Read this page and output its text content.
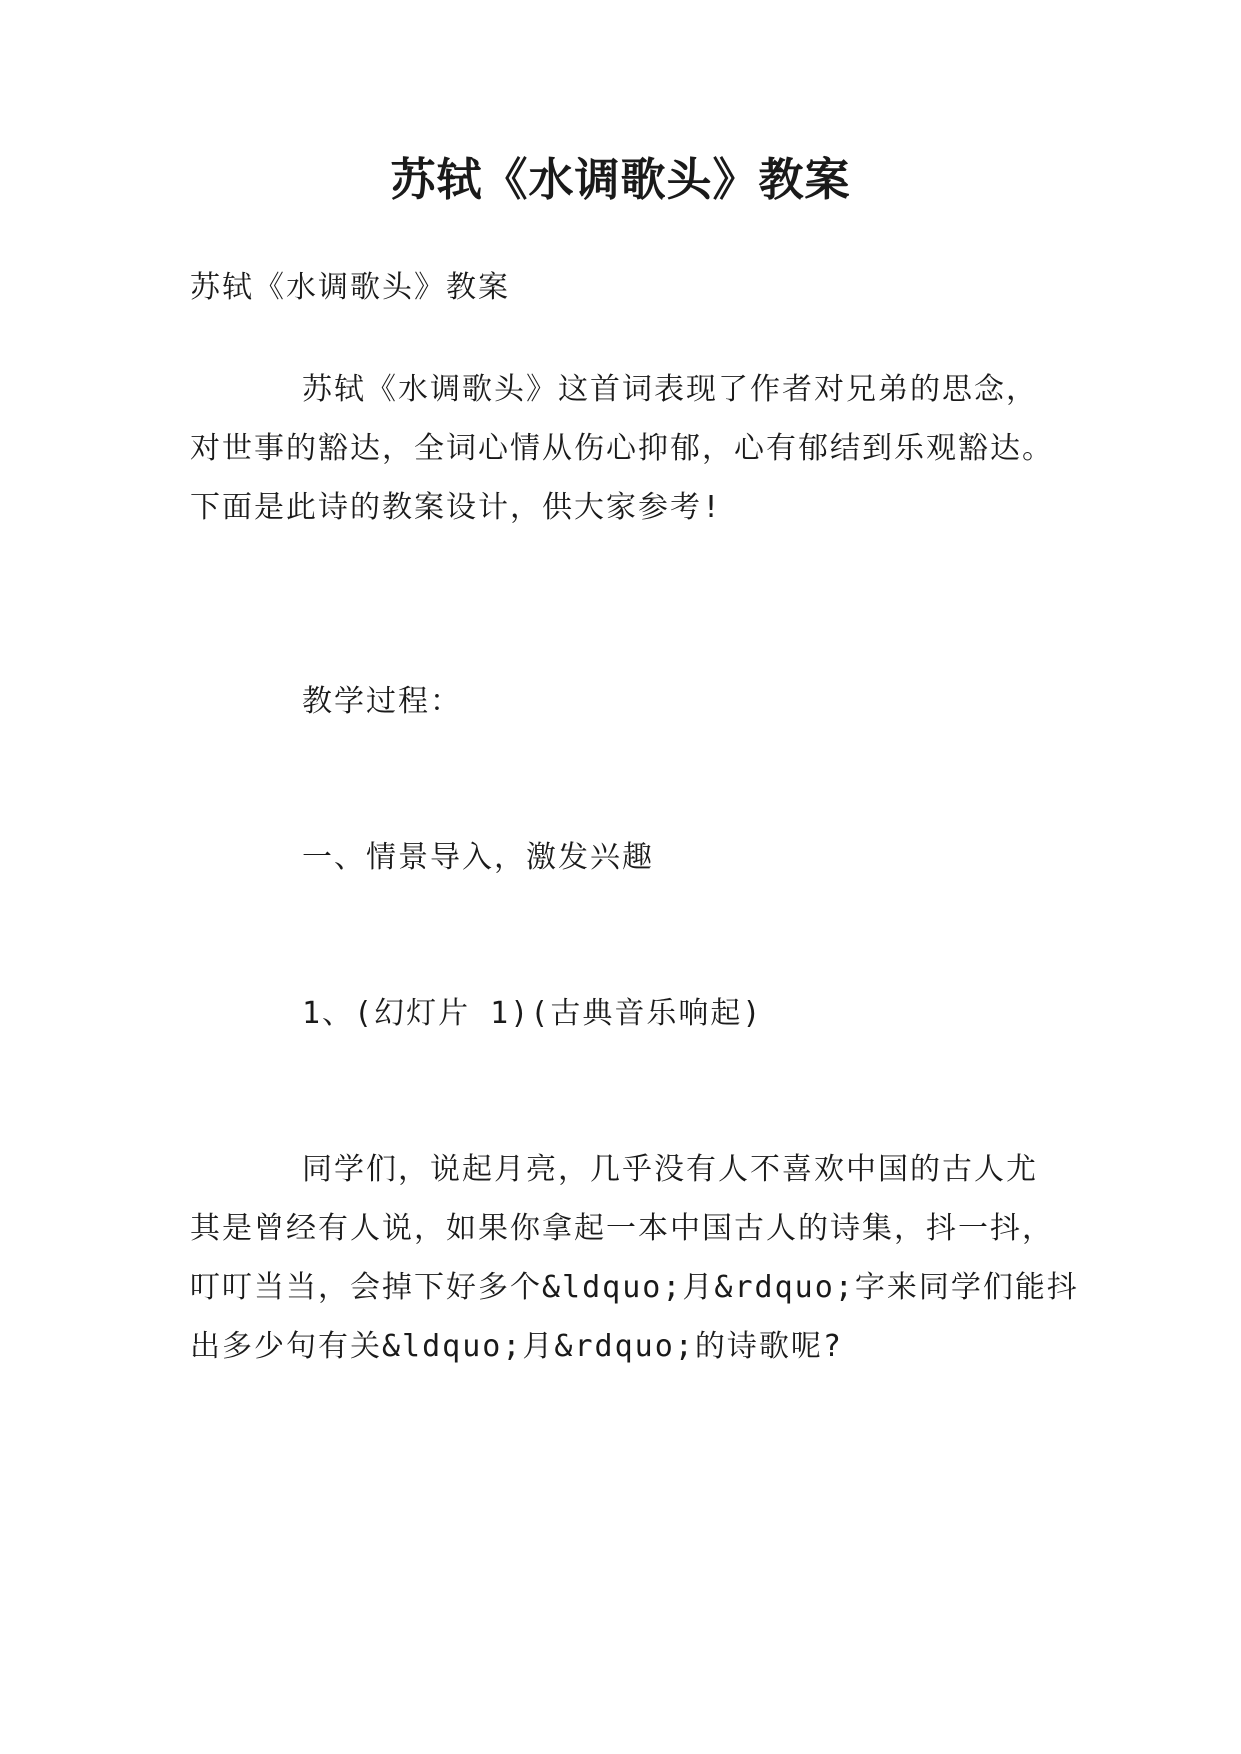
苏轼《水调歌头》教案

苏轼《水调歌头》教案

苏轼《水调歌头》这首词表现了作者对兄弟的思念，
对世事的豁达，全词心情从伤心抑郁，心有郁结到乐观豁达。
下面是此诗的教案设计，供大家参考!

教学过程：

一、情景导入，激发兴趣

1、(幻灯片 1)(古典音乐响起)

同学们，说起月亮，几乎没有人不喜欢中国的古人尤
其是曾经有人说，如果你拿起一本中国古人的诗集，抖一抖，
叮叮当当，会掉下好多个&ldquo;月&rdquo;字来同学们能抖
出多少句有关&ldquo;月&rdquo;的诗歌呢?
